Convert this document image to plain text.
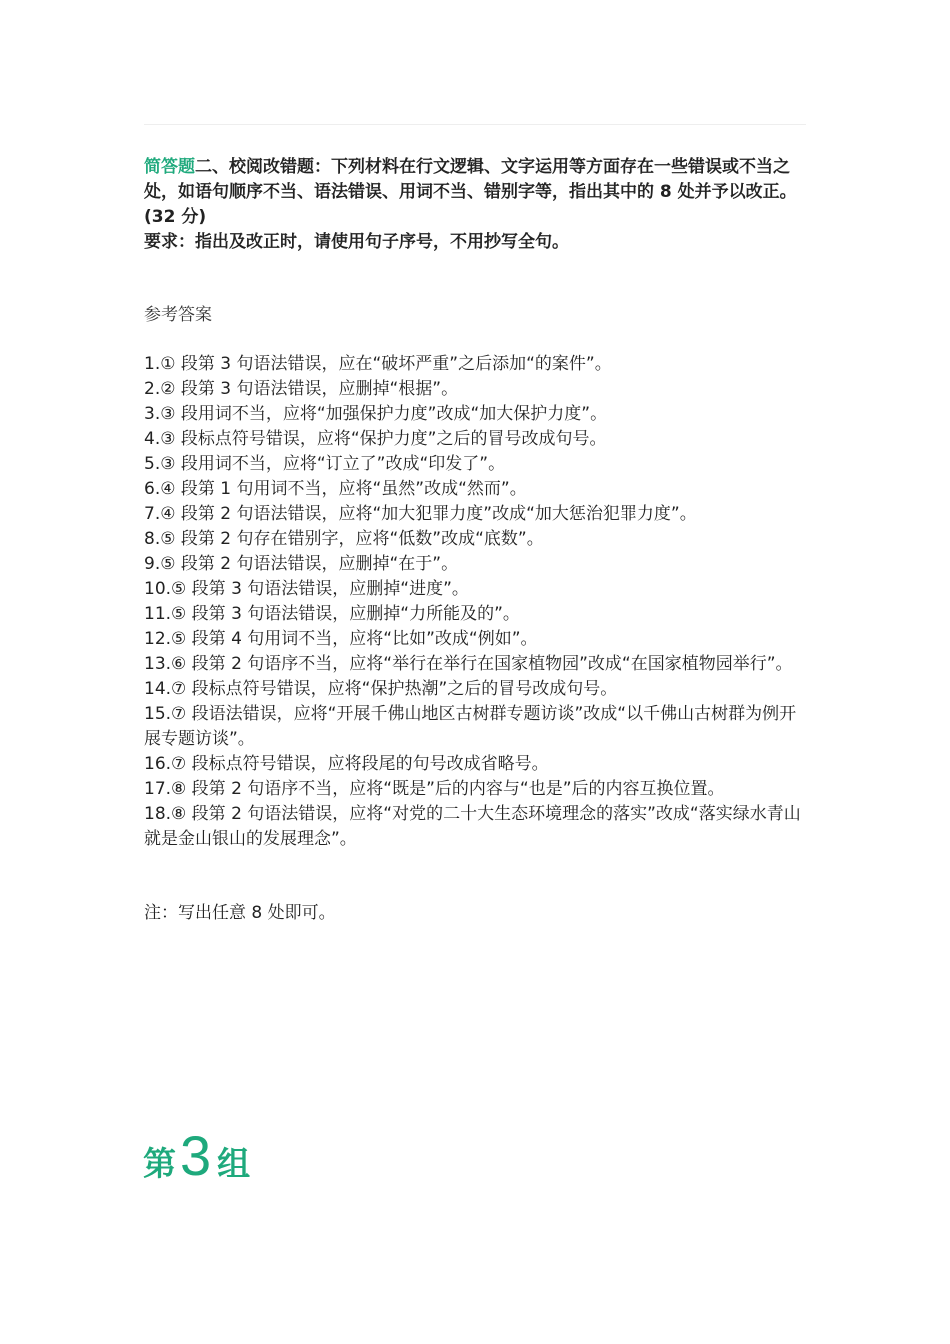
简答题二、校阅改错题：下列材料在行文逻辑、文字运用等方面存在一些错误或不当之处，如语句顺序不当、语法错误、用词不当、错别字等，指出其中的 8 处并予以改正。(32 分)
要求：指出及改正时，请使用句子序号，不用抄写全句。
参考答案
1.① 段第 3 句语法错误，应在“破坏严重”之后添加“的案件”。
2.② 段第 3 句语法错误，应删掉“根据”。
3.③ 段用词不当，应将“加强保护力度”改成“加大保护力度”。
4.③ 段标点符号错误，应将“保护力度”之后的冒号改成句号。
5.③ 段用词不当，应将“订立了”改成“印发了”。
6.④ 段第 1 句用词不当，应将“虽然”改成“然而”。
7.④ 段第 2 句语法错误，应将“加大犯罪力度”改成“加大惩治犯罪力度”。
8.⑤ 段第 2 句存在错别字，应将“低数”改成“底数”。
9.⑤ 段第 2 句语法错误，应删掉“在于”。
10.⑤ 段第 3 句语法错误，应删掉“进度”。
11.⑤ 段第 3 句语法错误，应删掉“力所能及的”。
12.⑤ 段第 4 句用词不当，应将“比如”改成“例如”。
13.⑥ 段第 2 句语序不当，应将“举行在举行在国家植物园”改成“在国家植物园举行”。
14.⑦ 段标点符号错误，应将“保护热潮”之后的冒号改成句号。
15.⑦ 段语法错误，应将“开展千佛山地区古树群专题访谈”改成“以千佛山古树群为例开展专题访谈”。
16.⑦ 段标点符号错误，应将段尾的句号改成省略号。
17.⑧ 段第 2 句语序不当，应将“既是”后的内容与“也是”后的内容互换位置。
18.⑧ 段第 2 句语法错误，应将“对党的二十大生态环境理念的落实”改成“落实绿水青山就是金山银山的发展理念”。
注：写出任意 8 处即可。
第3 组
